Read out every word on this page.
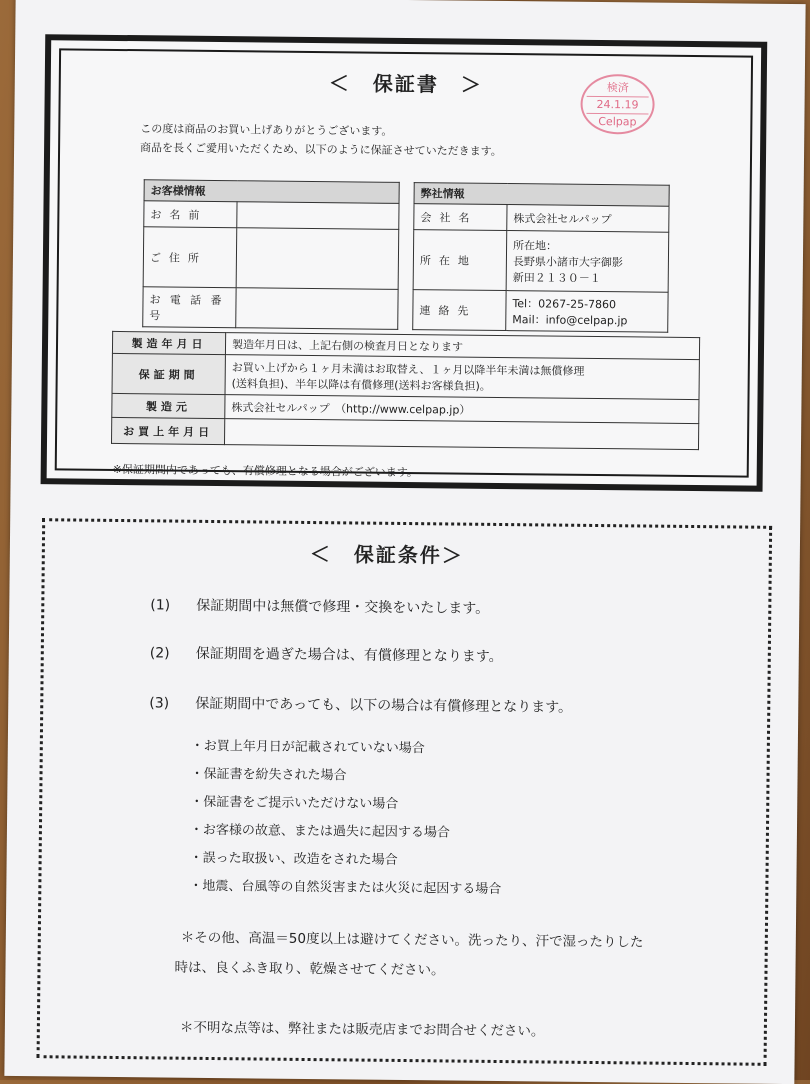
＜　保証書　＞	検済
24.1.19
Celpap
この度は商品のお買い上げありがとうございます。
商品を長くご愛用いただくため、以下のように保証させていただきます。
お客様情報	
お名前	
ご住所	
お電話番号	
弊社情報	
会社名	株式会社セルパップ
所在地	所在地：
長野県小諸市大字御影
新田２１３０－１

連絡先	Tel：0267-25-7860
Mail：info@celpap.jp
製造年月日	製造年月日は、上記右側の検査月日となります
保証期間	お買い上げから１ヶ月未満はお取替え、１ヶ月以降半年未満は無償修理
(送料負担)、半年以降は有償修理(送料お客様負担)。

製造元	株式会社セルパップ　（http://www.celpap.jp）
お買上年月日	
※保証期間内であっても、有償修理となる場合がございます。
＜　保証条件＞
(1) 保証期間中は無償で修理・交換をいたします。
(2) 保証期間を過ぎた場合は、有償修理となります。
(3) 保証期間中であっても、以下の場合は有償修理となります。
・お買上年月日が記載されていない場合
・保証書を紛失された場合
・保証書をご提示いただけない場合
・お客様の故意、または過失に起因する場合
・誤った取扱い、改造をされた場合
・地震、台風等の自然災害または火災に起因する場合
＊その他、高温＝50度以上は避けてください。洗ったり、汗で湿ったりした
時は、良くふき取り、乾燥させてください。
＊不明な点等は、弊社または販売店までお問合せください。
